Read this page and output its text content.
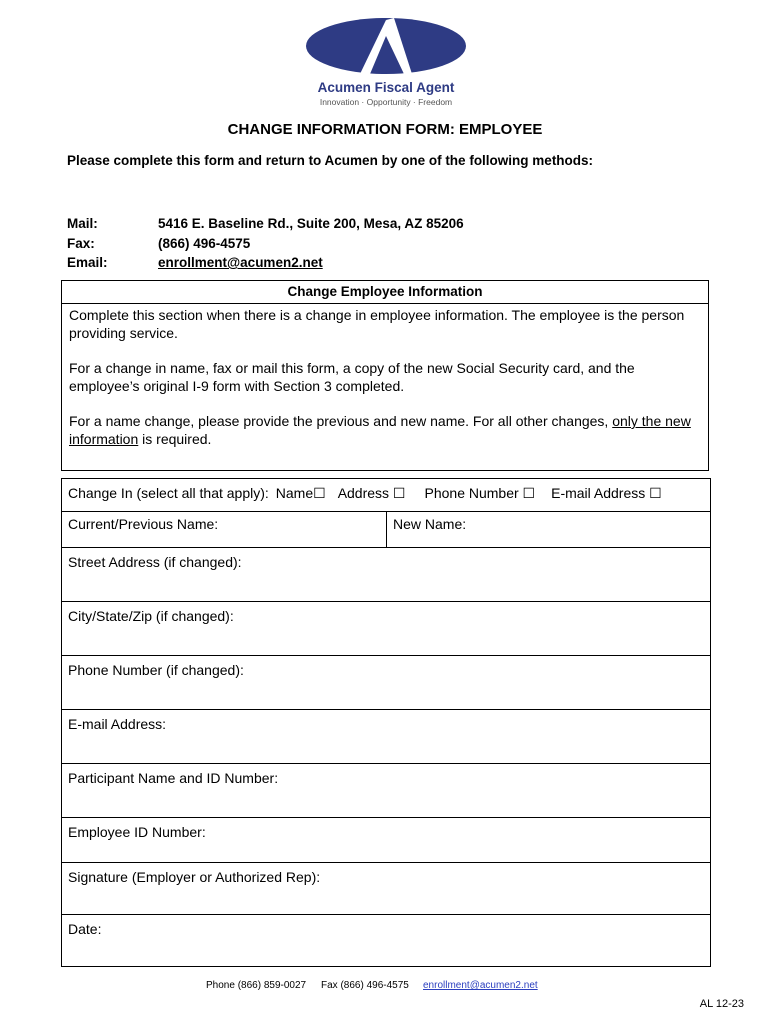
Acumen Fiscal Agent
Innovation · Opportunity · Freedom
CHANGE INFORMATION FORM: EMPLOYEE
Please complete this form and return to Acumen by one of the following methods:
Mail:	5416 E. Baseline Rd., Suite 200, Mesa, AZ 85206
Fax:	(866) 496-4575
Email:	enrollment@acumen2.net
Change Employee Information

Complete this section when there is a change in employee information. The employee is the person providing service.

For a change in name, fax or mail this form, a copy of the new Social Security card, and the employee’s original I-9 form with Section 3 completed.

For a name change, please provide the previous and new name. For all other changes, only the new information is required.

Change In (select all that apply): Name☐ Address ☐ Phone Number ☐ E-mail Address ☐
Current/Previous Name:	New Name:
Street Address (if changed):
City/State/Zip (if changed):
Phone Number (if changed):
E-mail Address:
Participant Name and ID Number:
Employee ID Number:
Signature (Employer or Authorized Rep):
Date:
Phone (866) 859-0027 Fax (866) 496-4575 enrollment@acumen2.net
AL 12-23
